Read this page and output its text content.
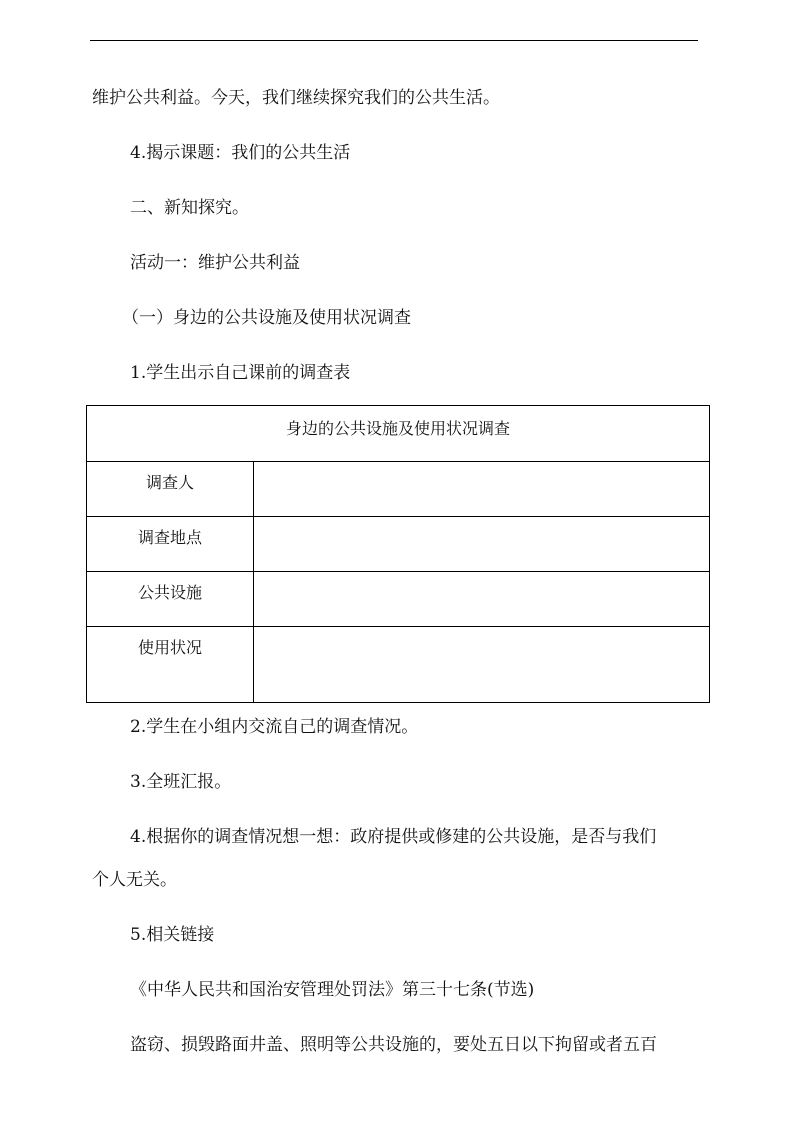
维护公共利益。今天，我们继续探究我们的公共生活。
4.揭示课题：我们的公共生活
二、新知探究。
活动一：维护公共利益
（一）身边的公共设施及使用状况调查
1.学生出示自己课前的调查表
身边的公共设施及使用状况调查	

调查人	

调查地点	

公共设施	

使用状况	

2.学生在小组内交流自己的调查情况。
3.全班汇报。
4.根据你的调查情况想一想：政府提供或修建的公共设施，是否与我们
个人无关。
5.相关链接
《中华人民共和国治安管理处罚法》第三十七条(节选)
盗窃、损毁路面井盖、照明等公共设施的，要处五日以下拘留或者五百
